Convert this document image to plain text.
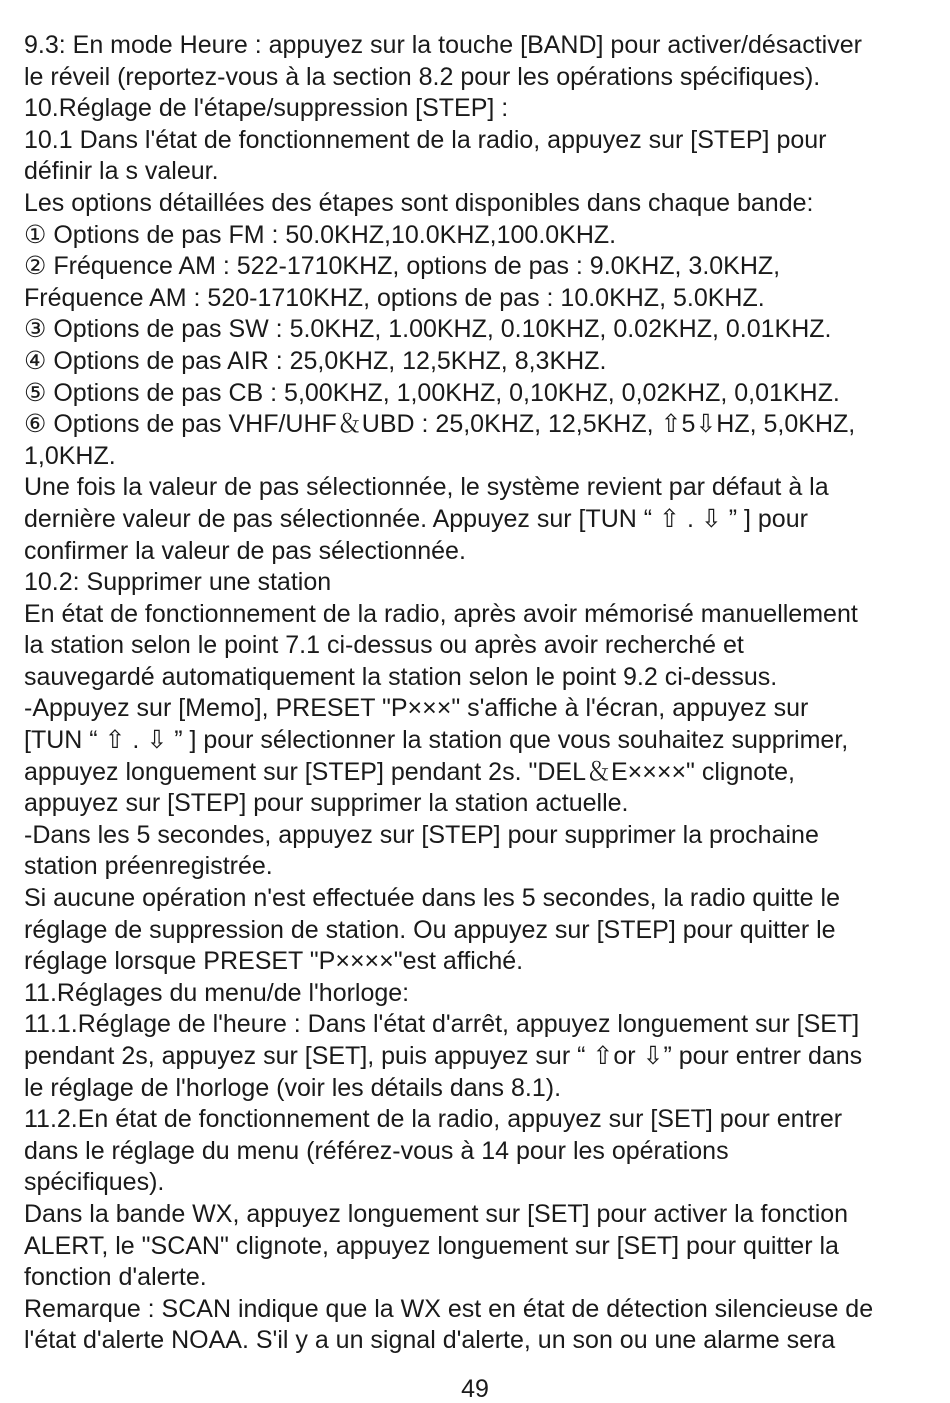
9.3: En mode Heure : appuyez sur la touche [BAND] pour activer/désactiver
le réveil (reportez-vous à la section 8.2 pour les opérations spécifiques).
10.Réglage de l'étape/suppression [STEP] :
10.1 Dans l'état de fonctionnement de la radio, appuyez sur [STEP] pour
définir la s valeur.
Les options détaillées des étapes sont disponibles dans chaque bande:
① Options de pas FM : 50.0KHZ,10.0KHZ,100.0KHZ.
② Fréquence AM : 522-1710KHZ, options de pas : 9.0KHZ, 3.0KHZ,
Fréquence AM : 520-1710KHZ, options de pas : 10.0KHZ, 5.0KHZ.
③ Options de pas SW : 5.0KHZ, 1.00KHZ, 0.10KHZ, 0.02KHZ, 0.01KHZ.
④ Options de pas AIR : 25,0KHZ, 12,5KHZ, 8,3KHZ.
⑤ Options de pas CB : 5,00KHZ, 1,00KHZ, 0,10KHZ, 0,02KHZ, 0,01KHZ.
⑥ Options de pas VHF/UHF＆UBD : 25,0KHZ, 12,5KHZ, ⇧5⇩HZ, 5,0KHZ,
1,0KHZ.
Une fois la valeur de pas sélectionnée, le système revient par défaut à la
dernière valeur de pas sélectionnée. Appuyez sur [TUN “ ⇧ . ⇩ ” ] pour
confirmer la valeur de pas sélectionnée.
10.2: Supprimer une station
En état de fonctionnement de la radio, après avoir mémorisé manuellement
la station selon le point 7.1 ci-dessus ou après avoir recherché et
sauvegardé automatiquement la station selon le point 9.2 ci-dessus.
-Appuyez sur [Memo], PRESET "P×××" s'affiche à l'écran, appuyez sur
[TUN “ ⇧ . ⇩ ” ] pour sélectionner la station que vous souhaitez supprimer,
appuyez longuement sur [STEP] pendant 2s. "DEL＆E××××" clignote,
appuyez sur [STEP] pour supprimer la station actuelle.
-Dans les 5 secondes, appuyez sur [STEP] pour supprimer la prochaine
station préenregistrée.
Si aucune opération n'est effectuée dans les 5 secondes, la radio quitte le
réglage de suppression de station. Ou appuyez sur [STEP] pour quitter le
réglage lorsque PRESET "P××××"est affiché.
11.Réglages du menu/de l'horloge:
11.1.Réglage de l'heure : Dans l'état d'arrêt, appuyez longuement sur [SET]
pendant 2s, appuyez sur [SET], puis appuyez sur “ ⇧or ⇩” pour entrer dans
le réglage de l'horloge (voir les détails dans 8.1).
11.2.En état de fonctionnement de la radio, appuyez sur [SET] pour entrer
dans le réglage du menu (référez-vous à 14 pour les opérations
spécifiques).
Dans la bande WX, appuyez longuement sur [SET] pour activer la fonction
ALERT, le "SCAN" clignote, appuyez longuement sur [SET] pour quitter la
fonction d'alerte.
Remarque : SCAN indique que la WX est en état de détection silencieuse de
l'état d'alerte NOAA. S'il y a un signal d'alerte, un son ou une alarme sera
49
